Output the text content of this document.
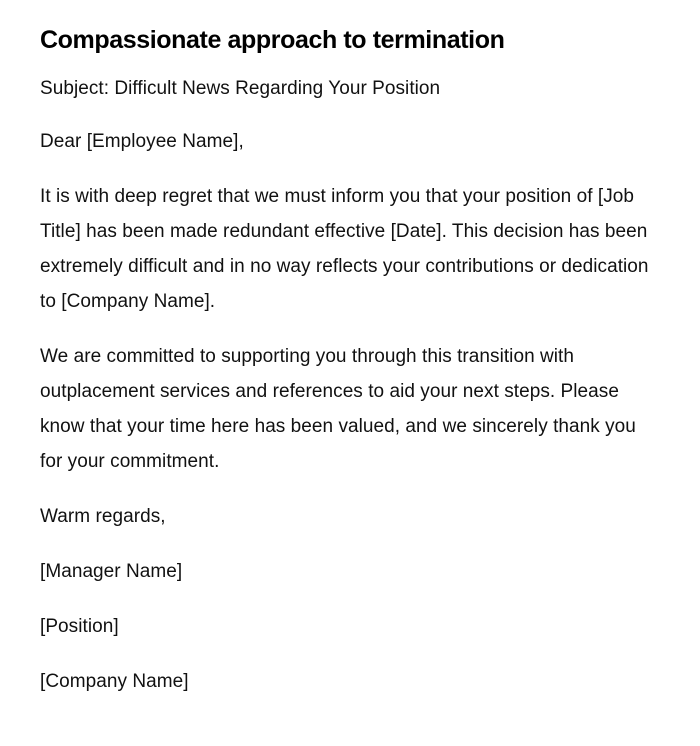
Compassionate approach to termination

Subject: Difficult News Regarding Your Position

Dear [Employee Name],

It is with deep regret that we must inform you that your position of [Job Title] has been made redundant effective [Date]. This decision has been extremely difficult and in no way reflects your contributions or dedication to [Company Name].

We are committed to supporting you through this transition with outplacement services and references to aid your next steps. Please know that your time here has been valued, and we sincerely thank you for your commitment.

Warm regards,

[Manager Name]

[Position]

[Company Name]
